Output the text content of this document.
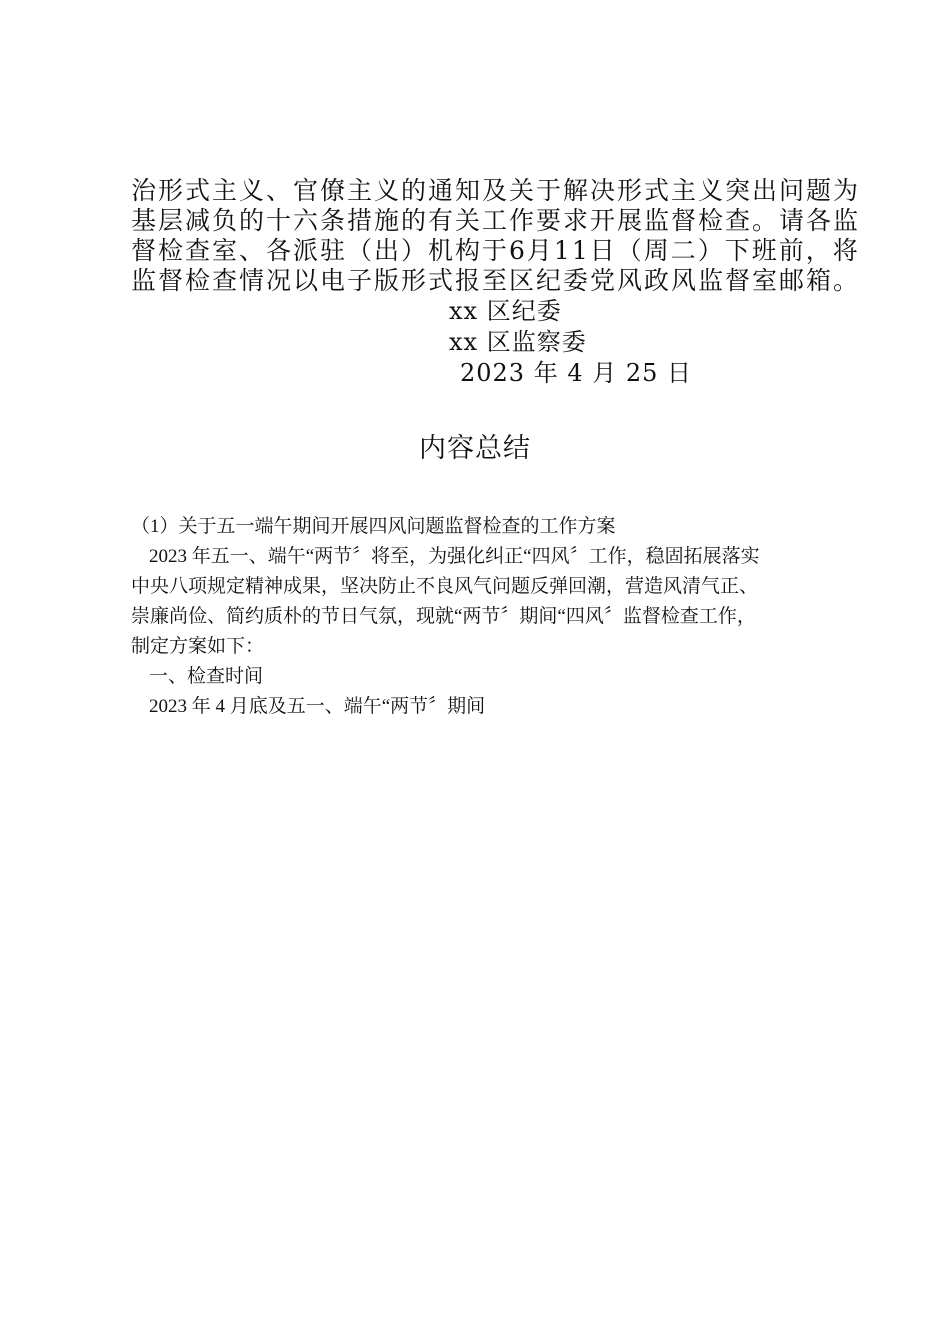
治形式主义、官僚主义的通知及关于解决形式主义突出问题为
基层减负的十六条措施的有关工作要求开展监督检查。请各监
督检查室、各派驻（出）机构于6月11日（周二）下班前，将
监督检查情况以电子版形式报至区纪委党风政风监督室邮箱。
xx 区纪委
xx 区监察委
2023 年 4 月 25 日
内容总结
（1）关于五一端午期间开展四风问题监督检查的工作方案
2023 年五一、端午“两节〞将至，为强化纠正“四风〞工作，稳固拓展落实
中央八项规定精神成果，坚决防止不良风气问题反弹回潮，营造风清气正、
崇廉尚俭、简约质朴的节日气氛，现就“两节〞期间“四风〞监督检查工作，
制定方案如下：
一、检查时间
2023 年 4 月底及五一、端午“两节〞期间
